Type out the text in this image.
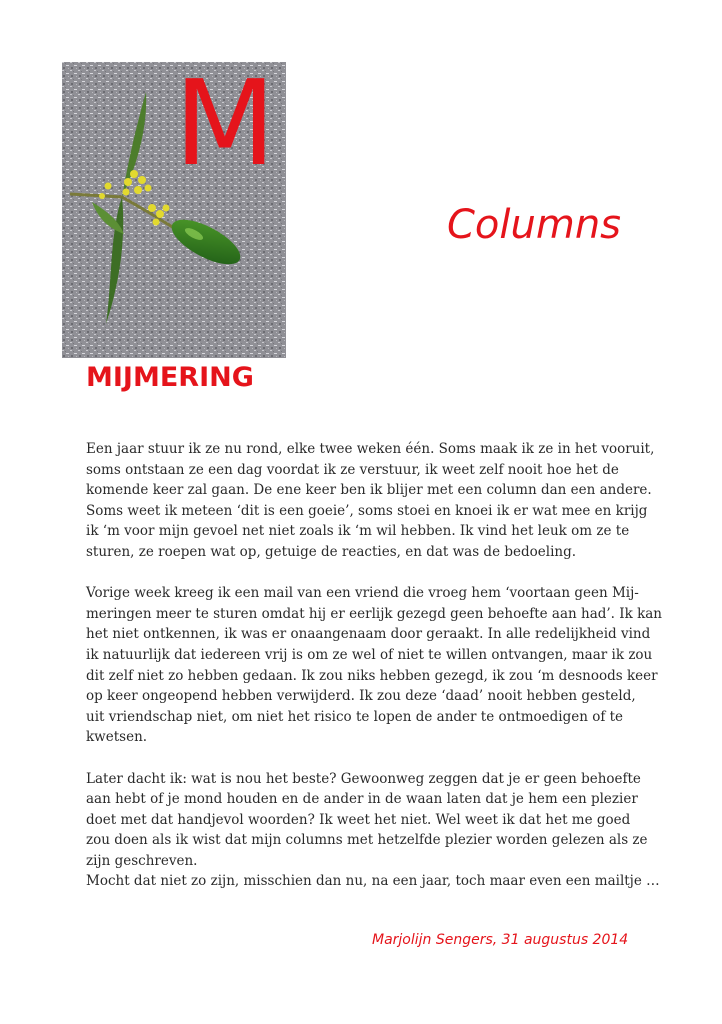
M
Columns
MIJMERING

Een jaar stuur ik ze nu rond, elke twee weken één. Soms maak ik ze in het vooruit,
soms ontstaan ze een dag voordat ik ze verstuur, ik weet zelf nooit hoe het de
komende keer zal gaan. De ene keer ben ik blijer met een column dan een andere.
Soms weet ik meteen ‘dit is een goeie’, soms stoei en knoei ik er wat mee en krijg
ik ‘m voor mijn gevoel net niet zoals ik ‘m wil hebben. Ik vind het leuk om ze te
sturen, ze roepen wat op, getuige de reacties, en dat was de bedoeling.

Vorige week kreeg ik een mail van een vriend die vroeg hem ‘voortaan geen Mij-
meringen meer te sturen omdat hij er eerlijk gezegd geen behoefte aan had’. Ik kan
het niet ontkennen, ik was er onaangenaam door geraakt. In alle redelijkheid vind
ik natuurlijk dat iedereen vrij is om ze wel of niet te willen ontvangen, maar ik zou
dit zelf niet zo hebben gedaan. Ik zou niks hebben gezegd, ik zou ‘m desnoods keer
op keer ongeopend hebben verwijderd. Ik zou deze ‘daad’ nooit hebben gesteld,
uit vriendschap niet, om niet het risico te lopen de ander te ontmoedigen of te
kwetsen.

Later dacht ik: wat is nou het beste? Gewoonweg zeggen dat je er geen behoefte
aan hebt of je mond houden en de ander in de waan laten dat je hem een plezier
doet met dat handjevol woorden? Ik weet het niet. Wel weet ik dat het me goed
zou doen als ik wist dat mijn columns met hetzelfde plezier worden gelezen als ze
zijn geschreven.
Mocht dat niet zo zijn, misschien dan nu, na een jaar, toch maar even een mailtje …

Marjolijn Sengers, 31 augustus 2014
